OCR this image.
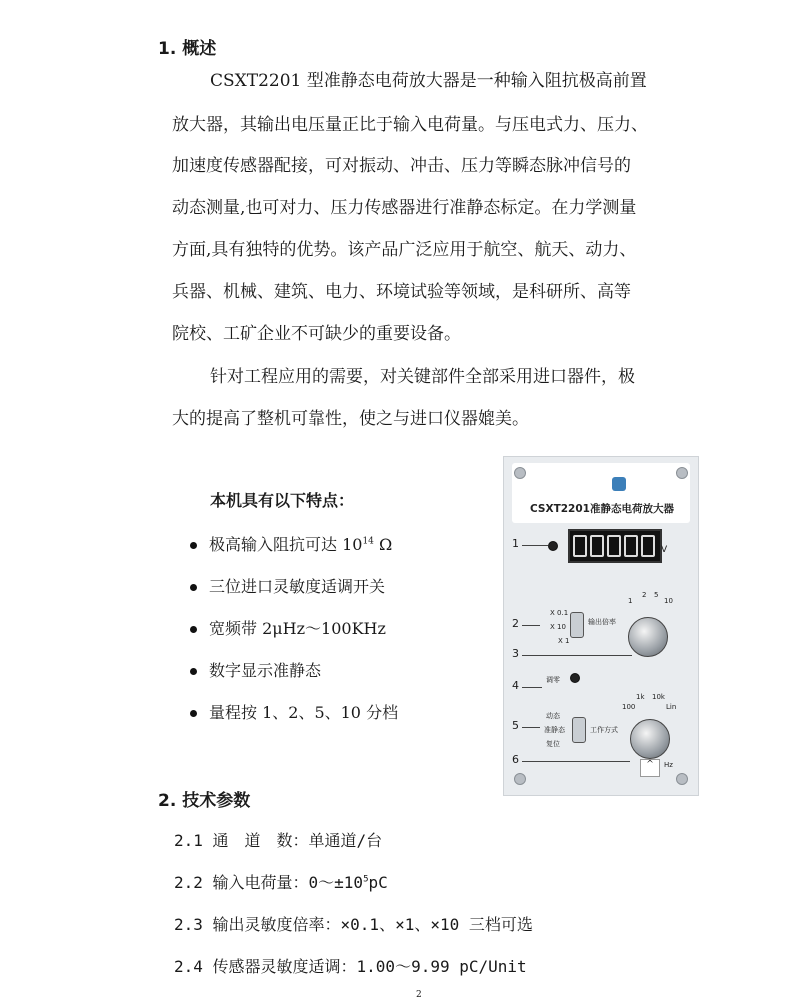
1. 概述
CSXT2201 型准静态电荷放大器是一种输入阻抗极高前置
放大器，其输出电压量正比于输入电荷量。与压电式力、压力、
加速度传感器配接，可对振动、冲击、压力等瞬态脉冲信号的
动态测量,也可对力、压力传感器进行准静态标定。在力学测量
方面,具有独特的优势。该产品广泛应用于航空、航天、动力、
兵器、机械、建筑、电力、环境试验等领域，是科研所、高等
院校、工矿企业不可缺少的重要设备。
针对工程应用的需要，对关键部件全部采用进口器件，极
大的提高了整机可靠性，使之与进口仪器媲美。
本机具有以下特点：
极高输入阻抗可达 $10^{14}$ Ω
三位进口灵敏度适调开关
宽频带 2μHz～100KHz
数字显示准静态
量程按 1、2、5、10 分档
CSXT2201准静态电荷放大器
1	V
1
2 5
10
2
X 0.1
X 10
X 1
输出倍率
3
4	调零
100
1k 10k
Lin
5
动态
准静态
复位
工作方式
6	^	Hz
2. 技术参数
2.1 通　道　数：单通道/台
2.2 输入电荷量：$0\sim\pm 10^5pC$
2.3 输出灵敏度倍率：×0.1、×1、×10 三档可选
2.4 传感器灵敏度适调：1.00～9.99 pC/Unit
2
